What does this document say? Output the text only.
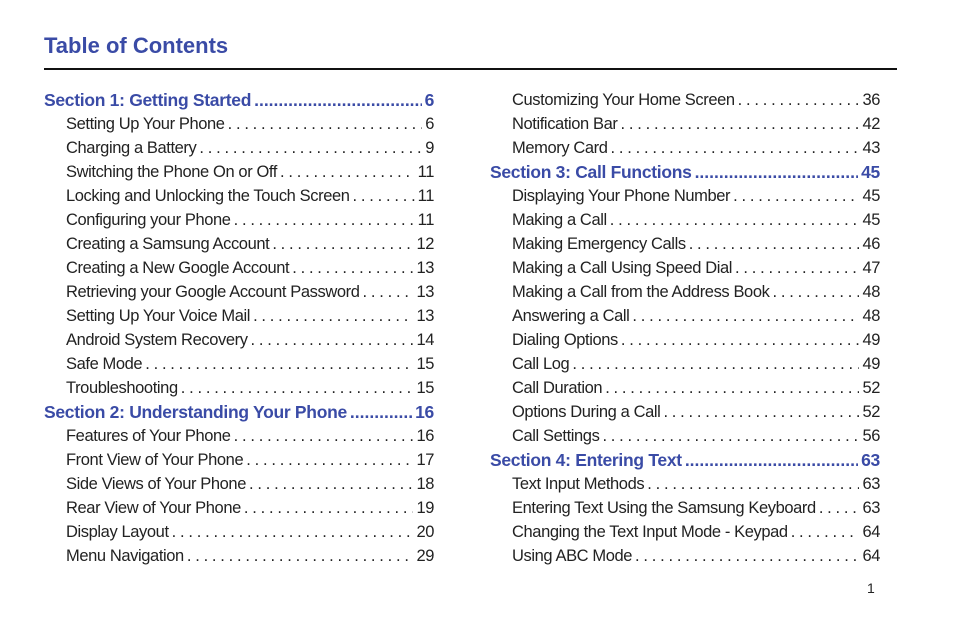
Table of Contents
Section 1: Getting Started .....	6
Setting Up Your Phone . . .	6
Charging a Battery . . .	9
Switching the Phone On or Off . . .	11
Locking and Unlocking the Touch Screen . . .	11
Configuring your Phone . . .	11
Creating a Samsung Account . . .	12
Creating a New Google Account . . .	13
Retrieving your Google Account Password . . .	13
Setting Up Your Voice Mail . . .	13
Android System Recovery . . .	14
Safe Mode . . .	15
Troubleshooting . . .	15
Section 2: Understanding Your Phone .....	16
Features of Your Phone . . .	16
Front View of Your Phone . . .	17
Side Views of Your Phone . . .	18
Rear View of Your Phone . . .	19
Display Layout . . .	20
Menu Navigation . . .	29
Customizing Your Home Screen . . .	36
Notification Bar . . .	42
Memory Card . . .	43
Section 3: Call Functions .....	45
Displaying Your Phone Number . . .	45
Making a Call . . .	45
Making Emergency Calls . . .	46
Making a Call Using Speed Dial . . .	47
Making a Call from the Address Book . . .	48
Answering a Call . . .	48
Dialing Options . . .	49
Call Log . . .	49
Call Duration . . .	52
Options During a Call . . .	52
Call Settings . . .	56
Section 4: Entering Text .....	63
Text Input Methods . . .	63
Entering Text Using the Samsung Keyboard . . .	63
Changing the Text Input Mode - Keypad . . .	64
Using ABC Mode . . .	64
1
